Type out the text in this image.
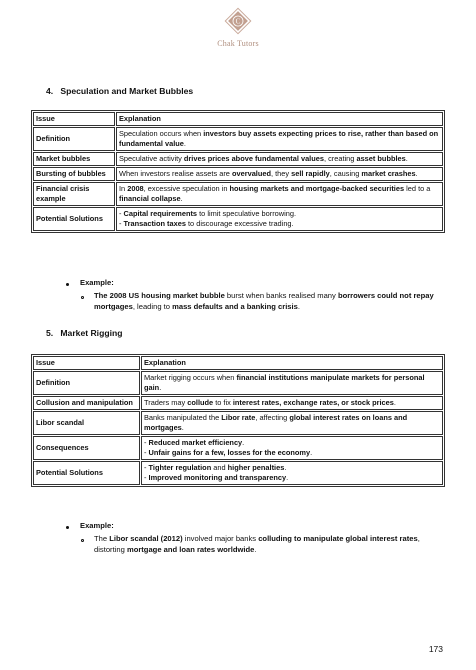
C
Chak Tutors
4. Speculation and Market Bubbles
Issue	Explanation
Definition	Speculation occurs when investors buy assets expecting prices to rise, rather than based on fundamental value.
Market bubbles	Speculative activity drives prices above fundamental values, creating asset bubbles.
Bursting of bubbles	When investors realise assets are overvalued, they sell rapidly, causing market crashes.
Financial crisis example	In 2008, excessive speculation in housing markets and mortgage-backed securities led to a financial collapse.
Potential Solutions	- Capital requirements to limit speculative borrowing.
- Transaction taxes to discourage excessive trading.
Example:
The 2008 US housing market bubble burst when banks realised many borrowers could not repay mortgages, leading to mass defaults and a banking crisis.
5. Market Rigging
Issue	Explanation
Definition	Market rigging occurs when financial institutions manipulate markets for personal gain.
Collusion and manipulation	Traders may collude to fix interest rates, exchange rates, or stock prices.
Libor scandal	Banks manipulated the Libor rate, affecting global interest rates on loans and mortgages.
Consequences	- Reduced market efficiency.
- Unfair gains for a few, losses for the economy.
Potential Solutions	- Tighter regulation and higher penalties.
- Improved monitoring and transparency.
Example:
The Libor scandal (2012) involved major banks colluding to manipulate global interest rates, distorting mortgage and loan rates worldwide.
173
